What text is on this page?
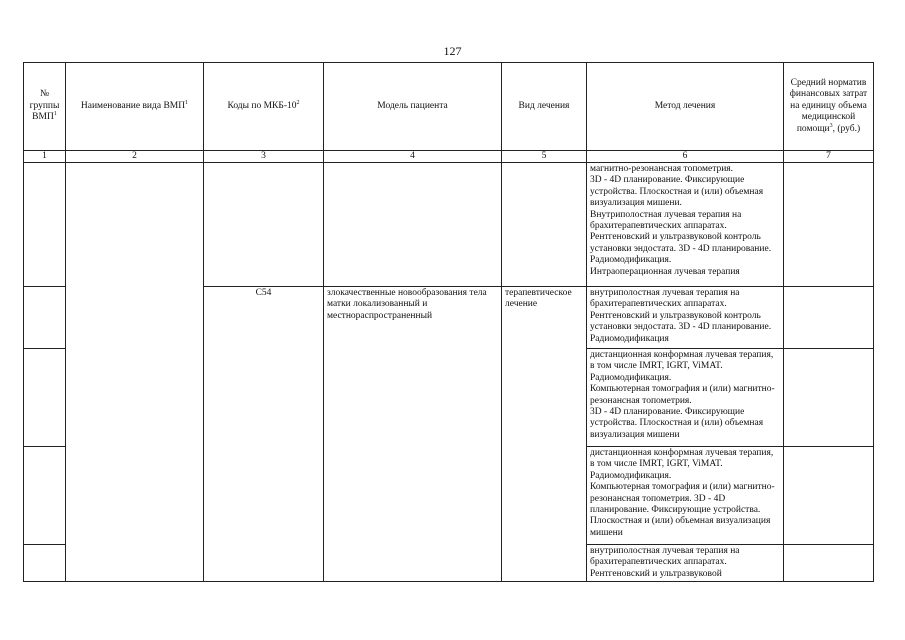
127
№ группы ВМП$^1$	Наименование вида ВМП$^1$	Коды по МКБ-$10^2$	Модель пациента	Вид лечения	Метод лечения	Средний норматив финансовых затрат на единицу объема медицинской помощи$^3$, (руб.)
1	2	3	4	5	6	7
					магнитно-резонансная топометрия.
3D - 4D планирование. Фиксирующие устройства. Плоскостная и (или) объемная визуализация мишени.
Внутриполостная лучевая терапия на брахитерапевтических аппаратах.
Рентгеновский и ультразвуковой контроль установки эндостата. 3D - 4D планирование. Радиомодификация.
Интраоперационная лучевая терапия	
		C54	злокачественные новообразования тела матки локализованный и местнораспространенный	терапевтическое лечение	внутриполостная лучевая терапия на брахитерапевтических аппаратах.
Рентгеновский и ультразвуковой контроль установки эндостата. 3D - 4D планирование. Радиомодификация	
					дистанционная конформная лучевая терапия, в том числе IMRT, IGRT, ViMAT. Радиомодификация.
Компьютерная томография и (или) магнитно-резонансная топометрия.
3D - 4D планирование. Фиксирующие устройства. Плоскостная и (или) объемная визуализация мишени	
					дистанционная конформная лучевая терапия, в том числе IMRT, IGRT, ViMAT. Радиомодификация.
Компьютерная томография и (или) магнитно-резонансная топометрия. 3D - 4D планирование. Фиксирующие устройства. Плоскостная и (или) объемная визуализация мишени	
					внутриполостная лучевая терапия на брахитерапевтических аппаратах.
Рентгеновский и ультразвуковой	
